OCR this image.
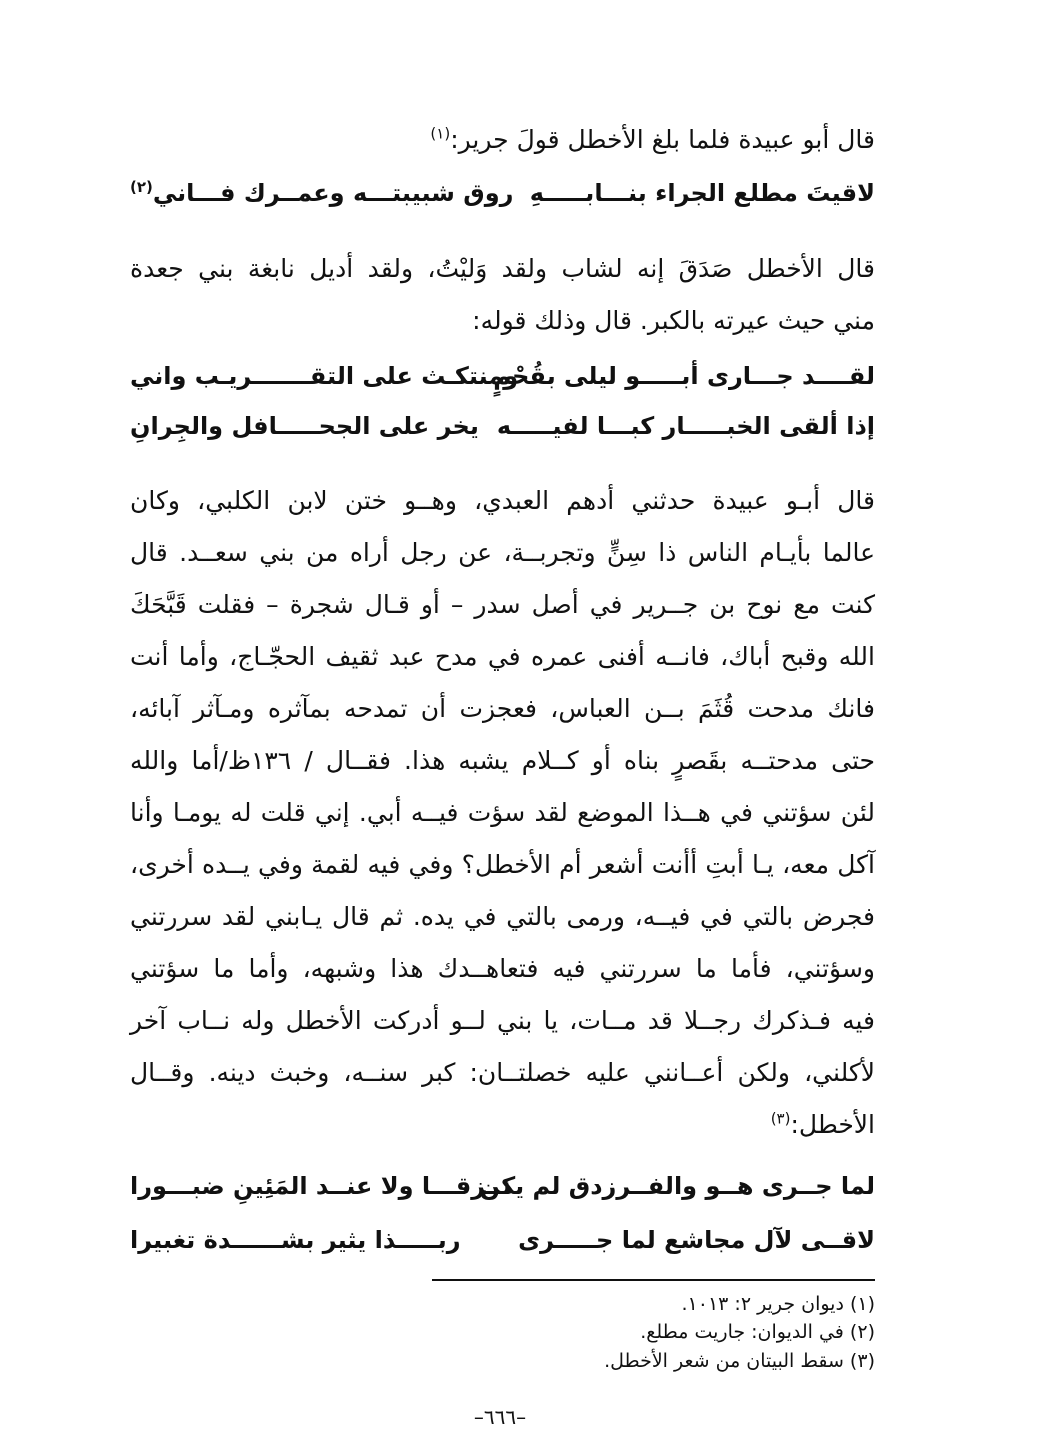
قال أبو عبيدة فلما بلغ الأخطل قولَ جرير:$^{(١)}$
لاقيتَ مطلع الجراء بنـــابـــــهِ
روق شبيبتـــه وعمــرك فـــاني$^{(٢)}$
قال الأخطل صَدَقَ إنه لشاب ولقد وَليْتُ، ولقد أديل نابغة بني جعدة
مني حيث عيرته بالكبر. قال وذلك قوله:
لقــــد جـــارى أبـــــو ليلى بقُحْمٍ
ومنتكـث على التقـــــــريـب واني
إذا ألقى الخبـــــار كبـــا لفيـــــه
يخر على الجحـــــافل والجِرانِ
قال أبـو عبيدة حدثني أدهم العبدي، وهــو ختن لابن الكلبي، وكان
عالما بأيـام الناس ذا سِنٍّ وتجربــة، عن رجل أراه من بني سعــد. قال
كنت مع نوح بن جــرير في أصل سدر – أو قـال شجرة – فقلت قَبَّحَكَ
الله وقبح أباك، فانــه أفنى عمره في مدح عبد ثقيف الحجّـاج، وأما أنت
فانك مدحت قُثَمَ بــن العباس، فعجزت أن تمدحه بمآثره ومـآثر آبائه،
حتى مدحتــه بقَصرٍ بناه أو كــلام يشبه هذا. فقــال / ١٣٦ظ/أما والله
لئن سؤتني في هــذا الموضع لقد سؤت فيــه أبي. إني قلت له يومـا وأنا
آكل معه، يـا أبتِ أأنت أشعر أم الأخطل؟ وفي فيه لقمة وفي يــده أخرى،
فجرض بالتي في فيــه، ورمى بالتي في يده. ثم قال يـابني لقد سررتني
وسؤتني، فأما ما سررتني فيه فتعاهــدك هذا وشبهه، وأما ما سؤتني
فيه فـذكرك رجــلا قد مــات، يا بني لــو أدركت الأخطل وله نــاب آخر
لأكلني، ولكن أعــانني عليه خصلتــان: كبر سنــه، وخبث دينه. وقــال
الأخطل:$^{(٣)}$
لما جــرى هــو والفــرزدق لم يكن
نــزقـــا ولا عنــد المَئِينِ ضبـــورا
لاقــى لآل مجاشع لما جـــــرى
ربـــــذا يثير بشــــــدة تغبيرا
(١) ديوان جرير ٢: ١٠١٣.
(٢) في الديوان: جاريت مطلع.
(٣) سقط البيتان من شعر الأخطل.
–٦٦٦–
